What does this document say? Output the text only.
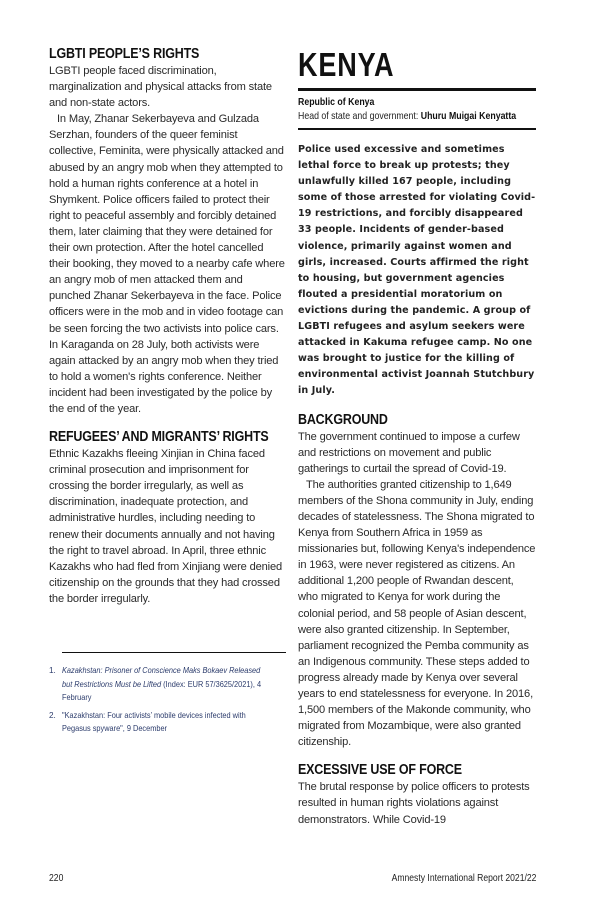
LGBTI PEOPLE’S RIGHTS

LGBTI people faced discrimination, marginalization and physical attacks from state and non-state actors.

In May, Zhanar Sekerbayeva and Gulzada Serzhan, founders of the queer feminist collective, Feminita, were physically attacked and abused by an angry mob when they attempted to hold a human rights conference at a hotel in Shymkent. Police officers failed to protect their right to peaceful assembly and forcibly detained them, later claiming that they were detained for their own protection. After the hotel cancelled their booking, they moved to a nearby cafe where an angry mob of men attacked them and punched Zhanar Sekerbayeva in the face. Police officers were in the mob and in video footage can be seen forcing the two activists into police cars. In Karaganda on 28 July, both activists were again attacked by an angry mob when they tried to hold a women's rights conference. Neither incident had been investigated by the police by the end of the year.

REFUGEES’ AND MIGRANTS’ RIGHTS

Ethnic Kazakhs fleeing Xinjian in China faced criminal prosecution and imprisonment for crossing the border irregularly, as well as discrimination, inadequate protection, and administrative hurdles, including needing to renew their documents annually and not having the right to travel abroad. In April, three ethnic Kazakhs who had fled from Xinjiang were denied citizenship on the grounds that they had crossed the border irregularly.

1. Kazakhstan: Prisoner of Conscience Maks Bokaev Released but Restrictions Must be Lifted (Index: EUR 57/3625/2021), 4 February
2. "Kazakhstan: Four activists’ mobile devices infected with Pegasus spyware", 9 December
KENYA
Republic of Kenya
Head of state and government: Uhuru Muigai Kenyatta

Police used excessive and sometimes lethal force to break up protests; they unlawfully killed 167 people, including some of those arrested for violating Covid-19 restrictions, and forcibly disappeared 33 people. Incidents of gender-based violence, primarily against women and girls, increased. Courts affirmed the right to housing, but government agencies flouted a presidential moratorium on evictions during the pandemic. A group of LGBTI refugees and asylum seekers were attacked in Kakuma refugee camp. No one was brought to justice for the killing of environmental activist Joannah Stutchbury in July.

BACKGROUND

The government continued to impose a curfew and restrictions on movement and public gatherings to curtail the spread of Covid-19.

The authorities granted citizenship to 1,649 members of the Shona community in July, ending decades of statelessness. The Shona migrated to Kenya from Southern Africa in 1959 as missionaries but, following Kenya's independence in 1963, were never registered as citizens. An additional 1,200 people of Rwandan descent, who migrated to Kenya for work during the colonial period, and 58 people of Asian descent, were also granted citizenship. In September, parliament recognized the Pemba community as an Indigenous community. These steps added to progress already made by Kenya over several years to end statelessness for everyone. In 2016, 1,500 members of the Makonde community, who migrated from Mozambique, were also granted citizenship.

EXCESSIVE USE OF FORCE

The brutal response by police officers to protests resulted in human rights violations against demonstrators. While Covid-19

220	Amnesty International Report 2021/22
